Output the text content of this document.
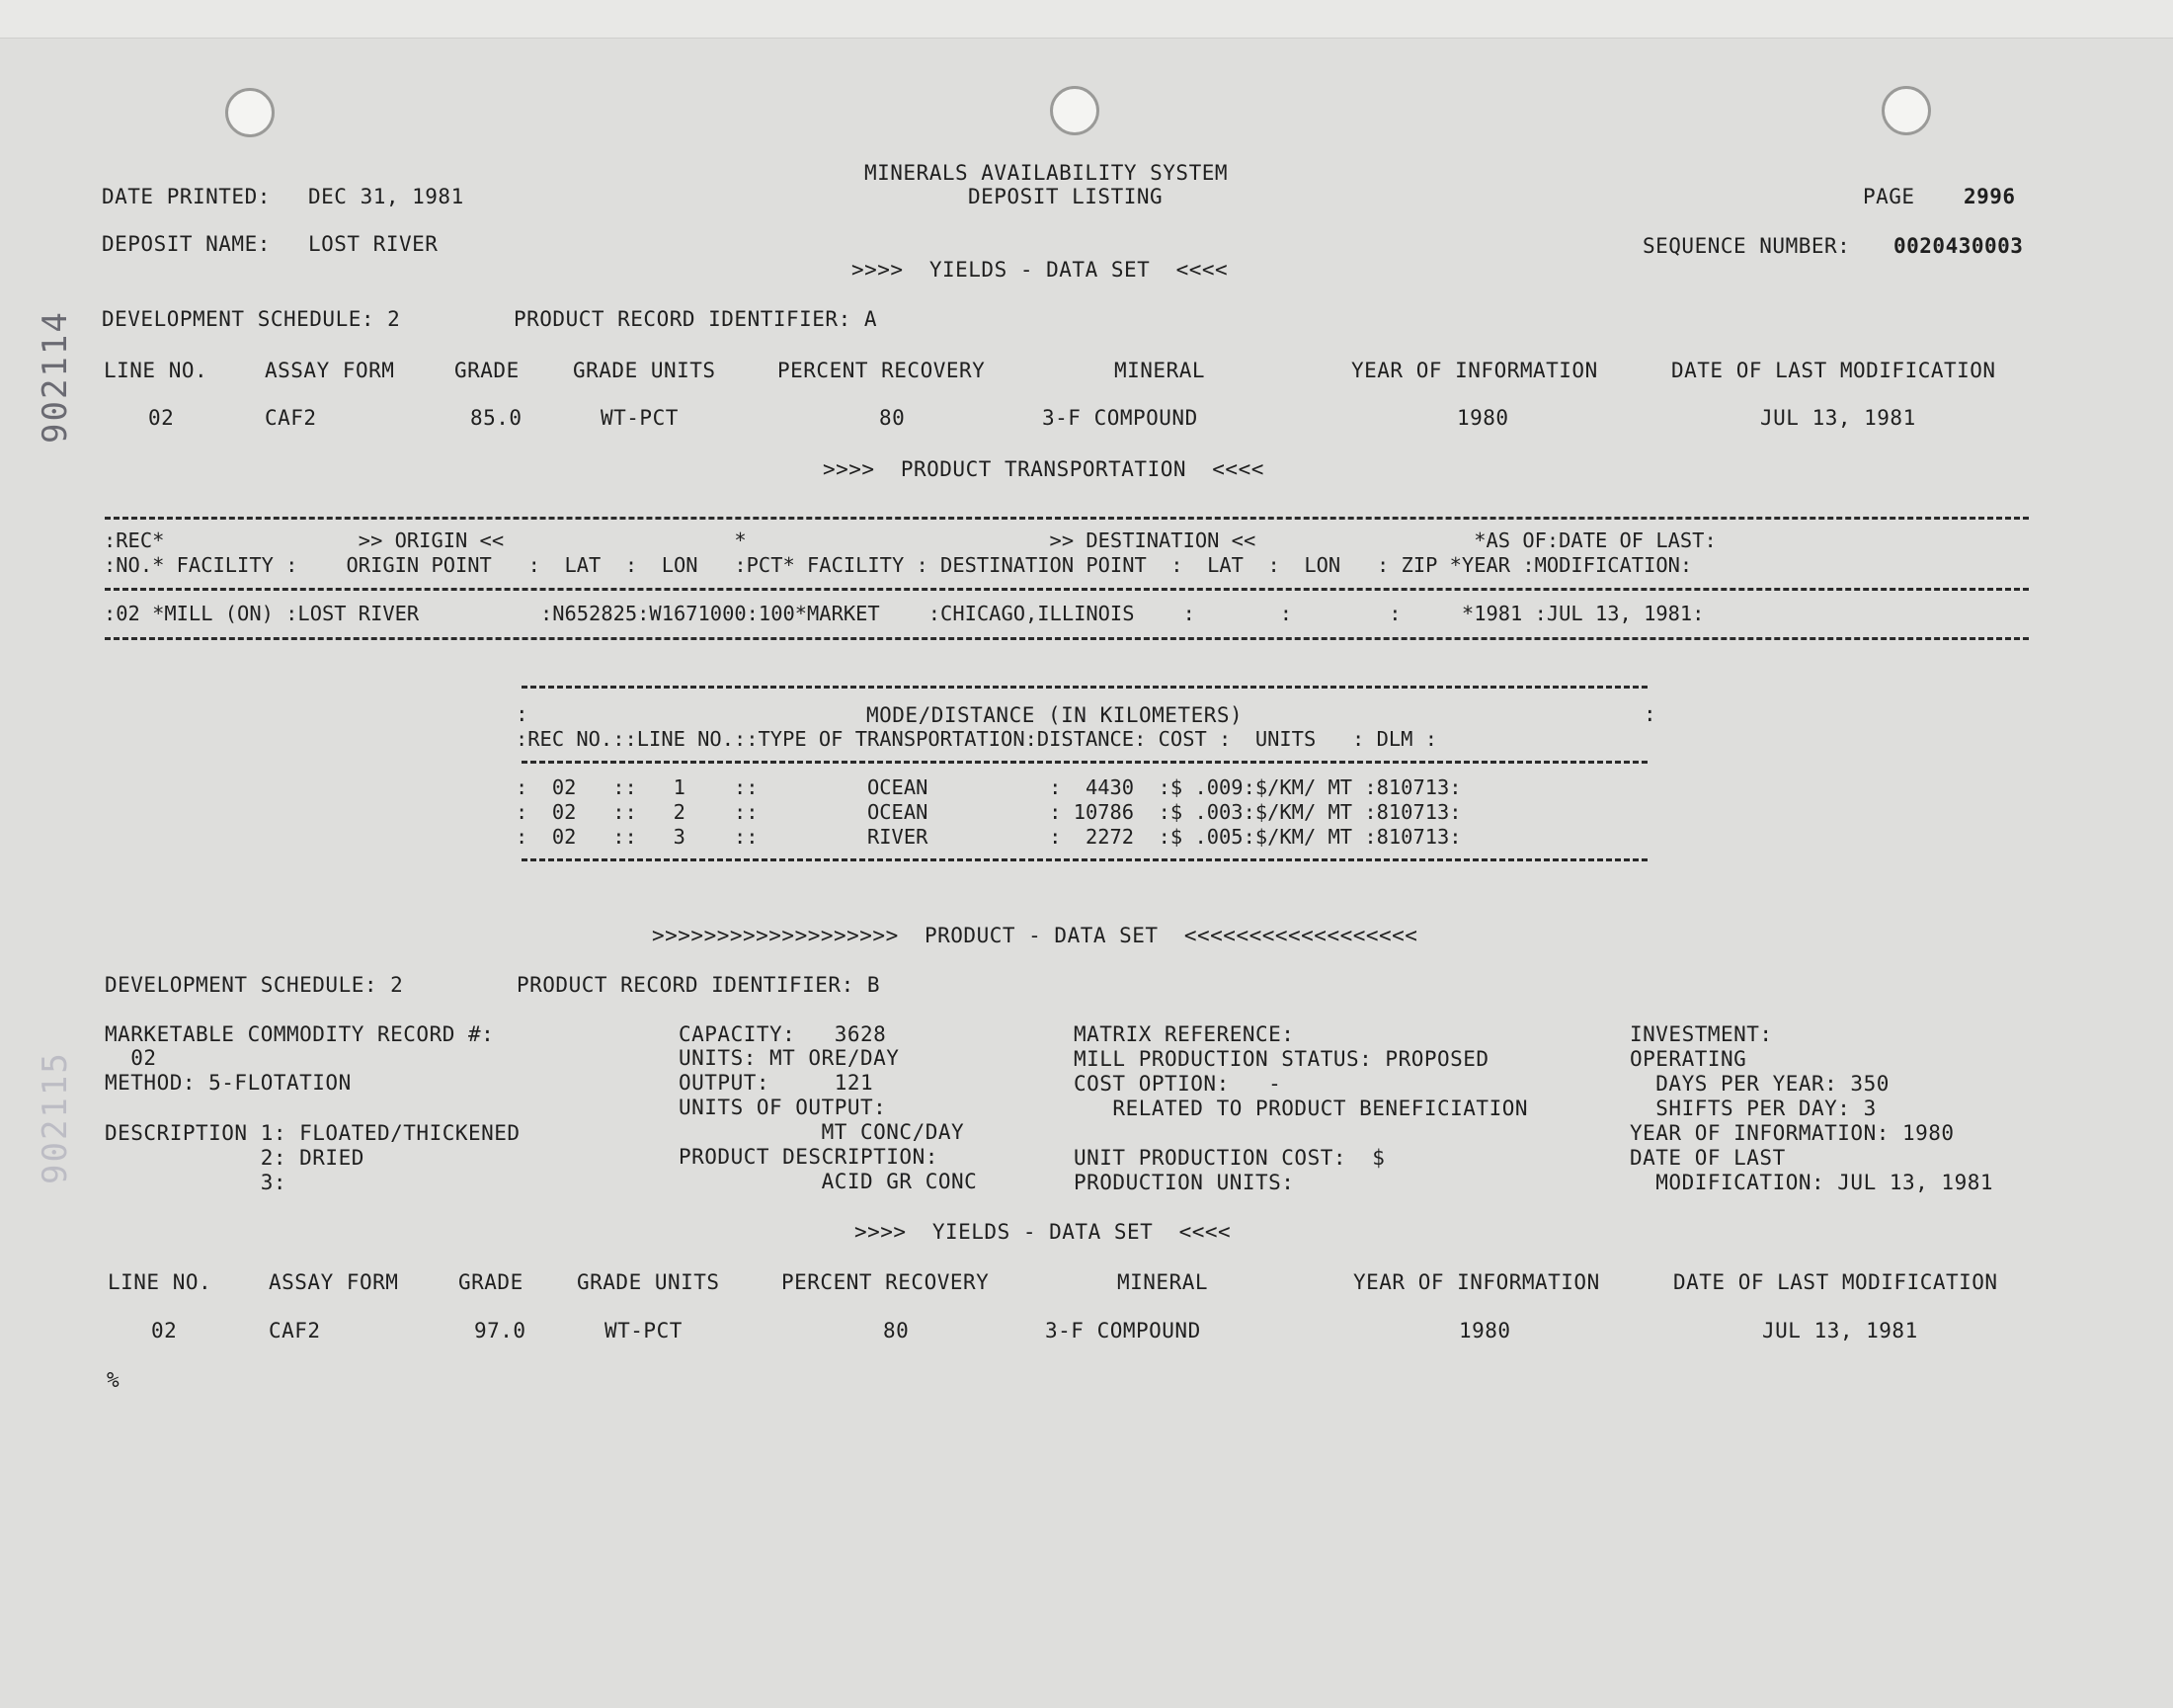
902114
902115
MINERALS AVAILABILITY SYSTEM
DEPOSIT LISTING
DATE PRINTED: DEC 31, 1981	PAGE 2996
DEPOSIT NAME: LOST RIVER	SEQUENCE NUMBER: 0020430003
>>>>  YIELDS - DATA SET  <<<<
DEVELOPMENT SCHEDULE: 2	PRODUCT RECORD IDENTIFIER: A
LINE NO.	ASSAY FORM	GRADE	GRADE UNITS	PERCENT RECOVERY	MINERAL	YEAR OF INFORMATION	DATE OF LAST MODIFICATION
02	CAF2	85.0	WT-PCT	80	3-F COMPOUND	1980	JUL 13, 1981
>>>>  PRODUCT TRANSPORTATION  <<<<
:REC*                >> ORIGIN <<                   *                         >> DESTINATION <<                  *AS OF:DATE OF LAST:
:NO.* FACILITY :    ORIGIN POINT   :  LAT  :  LON   :PCT* FACILITY : DESTINATION POINT  :  LAT  :  LON   : ZIP *YEAR :MODIFICATION:
:02 *MILL (ON) :LOST RIVER          :N652825:W1671000:100*MARKET    :CHICAGO,ILLINOIS    :       :        :     *1981 :JUL 13, 1981:
:	:
MODE/DISTANCE (IN KILOMETERS)
:REC NO.::LINE NO.::TYPE OF TRANSPORTATION:DISTANCE: COST :  UNITS   : DLM :
:  02   ::   1    ::         OCEAN          :  4430  :$ .009:$/KM/ MT :810713:
:  02   ::   2    ::         OCEAN          : 10786  :$ .003:$/KM/ MT :810713:
:  02   ::   3    ::         RIVER          :  2272  :$ .005:$/KM/ MT :810713:
>>>>>>>>>>>>>>>>>>>  PRODUCT - DATA SET  <<<<<<<<<<<<<<<<<<
DEVELOPMENT SCHEDULE: 2	PRODUCT RECORD IDENTIFIER: B
MARKETABLE COMMODITY RECORD #:
02
METHOD: 5-FLOTATION
DESCRIPTION 1: FLOATED/THICKENED
2: DRIED
3:
CAPACITY:   3628
UNITS: MT ORE/DAY
OUTPUT:     121
UNITS OF OUTPUT:
MT CONC/DAY
PRODUCT DESCRIPTION:
ACID GR CONC
MATRIX REFERENCE:
MILL PRODUCTION STATUS: PROPOSED
COST OPTION:   -
RELATED TO PRODUCT BENEFICIATION
UNIT PRODUCTION COST:  $
PRODUCTION UNITS:
INVESTMENT:
OPERATING
DAYS PER YEAR: 350
SHIFTS PER DAY: 3
YEAR OF INFORMATION: 1980
DATE OF LAST
MODIFICATION: JUL 13, 1981
>>>>  YIELDS - DATA SET  <<<<
LINE NO.	ASSAY FORM	GRADE	GRADE UNITS	PERCENT RECOVERY	MINERAL	YEAR OF INFORMATION	DATE OF LAST MODIFICATION
02	CAF2	97.0	WT-PCT	80	3-F COMPOUND	1980	JUL 13, 1981
%
